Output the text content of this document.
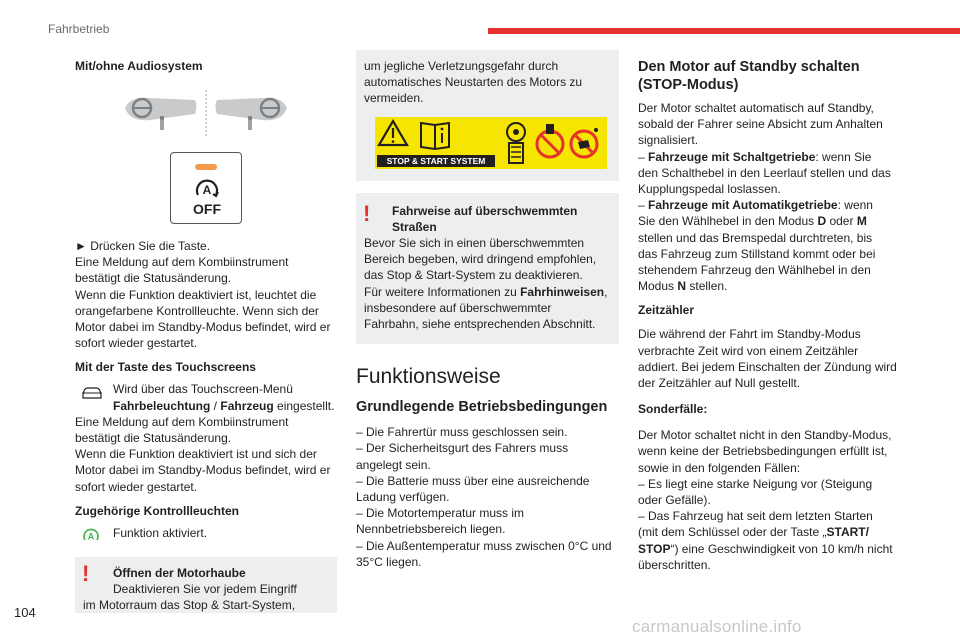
Fahrbetrieb
Mit/ohne Audiosystem
A
OFF

► Drücken Sie die Taste.

Eine Meldung auf dem Kombiinstrument

bestätigt die Statusänderung.

Wenn die Funktion deaktiviert ist, leuchtet die

orangefarbene Kontrollleuchte. Wenn sich der

Motor dabei im Standby-Modus befindet, wird er

sofort wieder gestartet.

Mit der Taste des Touchscreens

Wird über das Touchscreen-Menü

Fahrbeleuchtung / Fahrzeug eingestellt.

Eine Meldung auf dem Kombiinstrument

bestätigt die Statusänderung.

Wenn die Funktion deaktiviert ist und sich der

Motor dabei im Standby-Modus befindet, wird er

sofort wieder gestartet.

Zugehörige Kontrollleuchten
A Funktion aktiviert.

!	Öffnen der Motorhaube

Deaktivieren Sie vor jedem Eingriff

im Motorraum das Stop & Start-System,

um jegliche Verletzungsgefahr durch

automatisches Neustarten des Motors zu

vermeiden.

STOP & START SYSTEM
!	Fahrweise auf überschwemmten

Straßen

Bevor Sie sich in einen überschwemmten

Bereich begeben, wird dringend empfohlen,

das Stop & Start-System zu deaktivieren.

Für weitere Informationen zu Fahrhinweisen,

insbesondere auf überschwemmter

Fahrbahn, siehe entsprechenden Abschnitt.

Funktionsweise
Grundlegende Betriebsbedingungen

– Die Fahrertür muss geschlossen sein.

– Der Sicherheitsgurt des Fahrers muss

angelegt sein.

– Die Batterie muss über eine ausreichende

Ladung verfügen.

– Die Motortemperatur muss im

Nennbetriebsbereich liegen.

– Die Außentemperatur muss zwischen 0°C und

35°C liegen.

Den Motor auf Standby schalten
(STOP-Modus)

Der Motor schaltet automatisch auf Standby,

sobald der Fahrer seine Absicht zum Anhalten

signalisiert.

– Fahrzeuge mit Schaltgetriebe: wenn Sie

den Schalthebel in den Leerlauf stellen und das

Kupplungspedal loslassen.

– Fahrzeuge mit Automatikgetriebe: wenn

Sie den Wählhebel in den Modus D oder M

stellen und das Bremspedal durchtreten, bis

das Fahrzeug zum Stillstand kommt oder bei

stehendem Fahrzeug den Wählhebel in den

Modus N stellen.

Zeitzähler

Die während der Fahrt im Standby-Modus

verbrachte Zeit wird von einem Zeitzähler

addiert. Bei jedem Einschalten der Zündung wird

der Zeitzähler auf Null gestellt.

Sonderfälle:

Der Motor schaltet nicht in den Standby-Modus,

wenn keine der Betriebsbedingungen erfüllt ist,

sowie in den folgenden Fällen:

– Es liegt eine starke Neigung vor (Steigung

oder Gefälle).

– Das Fahrzeug hat seit dem letzten Starten

(mit dem Schlüssel oder der Taste „START/

STOP“) eine Geschwindigkeit von 10 km/h nicht

überschritten.

104
carmanualsonline.info
